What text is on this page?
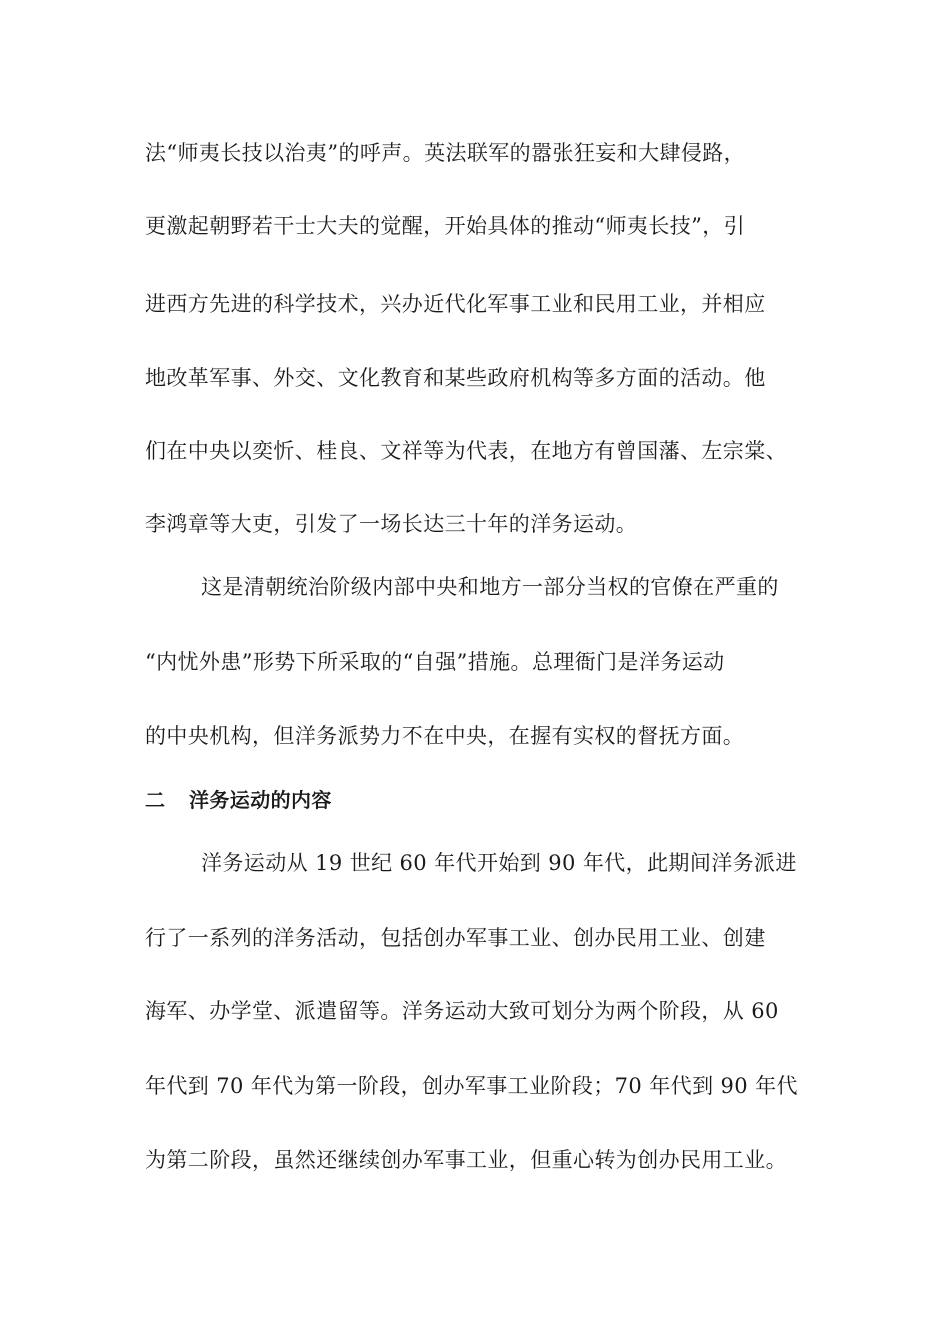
法“师夷长技以治夷”的呼声。英法联军的嚣张狂妄和大肆侵路，
更激起朝野若干士大夫的觉醒，开始具体的推动“师夷长技”，引
进西方先进的科学技术，兴办近代化军事工业和民用工业，并相应
地改革军事、外交、文化教育和某些政府机构等多方面的活动。他
们在中央以奕忻、桂良、文祥等为代表，在地方有曾国藩、左宗棠、
李鸿章等大吏，引发了一场长达三十年的洋务运动。
这是清朝统治阶级内部中央和地方一部分当权的官僚在严重的
“内忧外患”形势下所采取的“自强”措施。总理衙门是洋务运动
的中央机构，但洋务派势力不在中央，在握有实权的督抚方面。
二 洋务运动的内容
洋务运动从 19 世纪 60 年代开始到 90 年代，此期间洋务派进
行了一系列的洋务活动，包括创办军事工业、创办民用工业、创建
海军、办学堂、派遣留等。洋务运动大致可划分为两个阶段，从 60
年代到 70 年代为第一阶段，创办军事工业阶段；70 年代到 90 年代
为第二阶段，虽然还继续创办军事工业，但重心转为创办民用工业。
